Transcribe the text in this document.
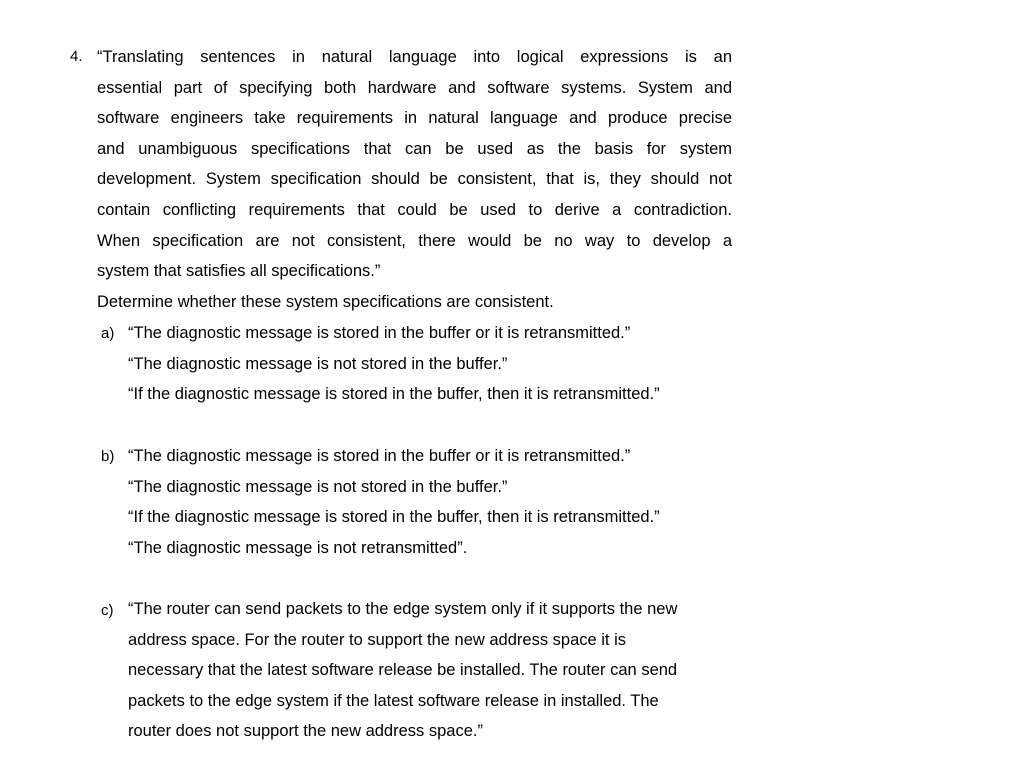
4. “Translating sentences in natural language into logical expressions is an
essential part of specifying both hardware and software systems. System and
software engineers take requirements in natural language and produce precise
and unambiguous specifications that can be used as the basis for system
development. System specification should be consistent, that is, they should not
contain conflicting requirements that could be used to derive a contradiction.
When specification are not consistent, there would be no way to develop a
system that satisfies all specifications.”
Determine whether these system specifications are consistent.
a) “The diagnostic message is stored in the buffer or it is retransmitted.”
“The diagnostic message is not stored in the buffer.”
“If the diagnostic message is stored in the buffer, then it is retransmitted.”
b) “The diagnostic message is stored in the buffer or it is retransmitted.”
“The diagnostic message is not stored in the buffer.”
“If the diagnostic message is stored in the buffer, then it is retransmitted.”
“The diagnostic message is not retransmitted”.
c) “The router can send packets to the edge system only if it supports the new
address space. For the router to support the new address space it is
necessary that the latest software release be installed. The router can send
packets to the edge system if the latest software release in installed. The
router does not support the new address space.”
